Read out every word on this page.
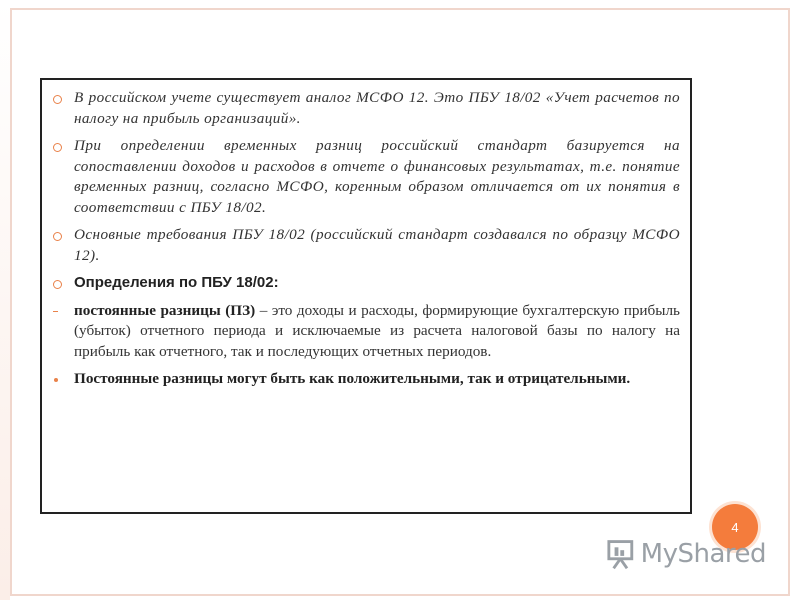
В российском учете существует аналог МСФО 12. Это ПБУ 18/02 «Учет расчетов по налогу на прибыль организаций».
При определении временных разниц российский стандарт базируется на сопоставлении доходов и расходов в отчете о финансовых результатах, т.е. понятие временных разниц, согласно МСФО, коренным образом отличается от их понятия в соответствии с ПБУ 18/02.
Основные требования ПБУ 18/02 (российский стандарт создавался по образцу МСФО 12).
Определения по ПБУ 18/02:
постоянные разницы (ПЗ) – это доходы и расходы, формирующие бухгалтерскую прибыль (убыток) отчетного периода и исключаемые из расчета налоговой базы по налогу на прибыль как отчетного, так и последующих отчетных периодов.
Постоянные разницы могут быть как положительными, так и отрицательными.
4
MyShared
